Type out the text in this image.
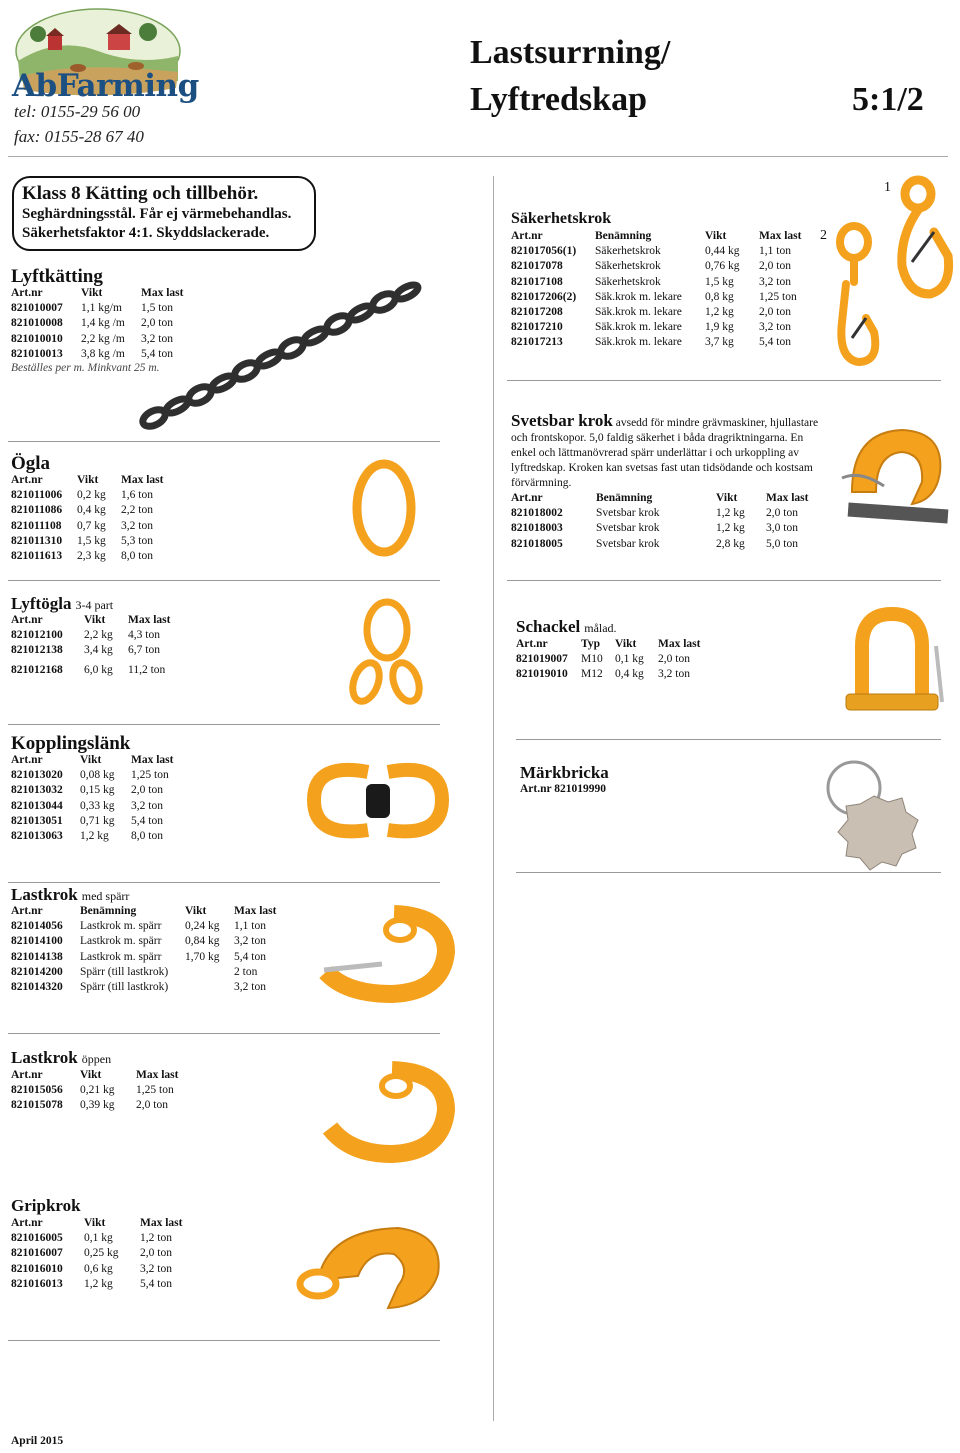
AbFarming
tel: 0155-29 56 00
fax: 0155-28 67 40
Lastsurrning/
Lyftredskap	5:1/2
Klass 8 Kätting och tillbehör.
Seghärdningsstål. Får ej värmebehandlas.
Säkerhetsfaktor 4:1. Skyddslackerade.
Lyftkätting
Art.nr	Vikt	Max last
821010007	1,1 kg/m	1,5 ton
821010008	1,4 kg /m	2,0 ton
821010010	2,2 kg /m	3,2 ton
821010013	3,8 kg /m	5,4 ton
Beställes per m. Minkvant 25 m.
Säkerhetskrok
Art.nr	Benämning	Vikt	Max last
821017056(1)	Säkerhetskrok	0,44 kg	1,1 ton
821017078	Säkerhetskrok	0,76 kg	2,0 ton
821017108	Säkerhetskrok	1,5 kg	3,2 ton
821017206(2)	Säk.krok m. lekare	0,8 kg	1,25 ton
821017208	Säk.krok m. lekare	1,2 kg	2,0 ton
821017210	Säk.krok m. lekare	1,9 kg	3,2 ton
821017213	Säk.krok m. lekare	3,7 kg	5,4 ton
2
1
Ögla
Art.nr	Vikt	Max last
821011006	0,2 kg	1,6 ton
821011086	0,4 kg	2,2 ton
821011108	0,7 kg	3,2 ton
821011310	1,5 kg	5,3 ton
821011613	2,3 kg	8,0 ton
Svetsbar krok avsedd för mindre grävmaskiner, hjullastare och frontskopor. 5,0 faldig säkerhet i båda dragriktningarna. En enkel och lättmanövrerad spärr underlättar i och urkoppling av lyftredskap. Kroken kan svetsas fast utan tidsödande och kostsam förvärmning.
Art.nr	Benämning	Vikt	Max last
821018002	Svetsbar krok	1,2 kg	2,0 ton
821018003	Svetsbar krok	1,2 kg	3,0 ton
821018005	Svetsbar krok	2,8 kg	5,0 ton
Lyftögla 3-4 part
Art.nr	Vikt	Max last
821012100	2,2 kg	4,3 ton
821012138	3,4 kg	6,7 ton
821012168	6,0 kg	11,2 ton
Schackel målad.
Art.nr	Typ	Vikt	Max last
821019007	M10	0,1 kg	2,0 ton
821019010	M12	0,4 kg	3,2 ton
Kopplingslänk
Art.nr	Vikt	Max last
821013020	0,08 kg	1,25 ton
821013032	0,15 kg	2,0 ton
821013044	0,33 kg	3,2 ton
821013051	0,71 kg	5,4 ton
821013063	1,2 kg	8,0 ton
Märkbricka
Art.nr 821019990
Lastkrok med spärr
Art.nr	Benämning	Vikt	Max last
821014056	Lastkrok m. spärr	0,24 kg	1,1 ton
821014100	Lastkrok m. spärr	0,84 kg	3,2 ton
821014138	Lastkrok m. spärr	1,70 kg	5,4 ton
821014200	Spärr (till lastkrok)		2 ton
821014320	Spärr (till lastkrok)		3,2 ton
Lastkrok öppen
Art.nr	Vikt	Max last
821015056	0,21 kg	1,25 ton
821015078	0,39 kg	2,0 ton
Gripkrok
Art.nr	Vikt	Max last
821016005	0,1 kg	1,2 ton
821016007	0,25 kg	2,0 ton
821016010	0,6 kg	3,2 ton
821016013	1,2 kg	5,4 ton
April 2015
